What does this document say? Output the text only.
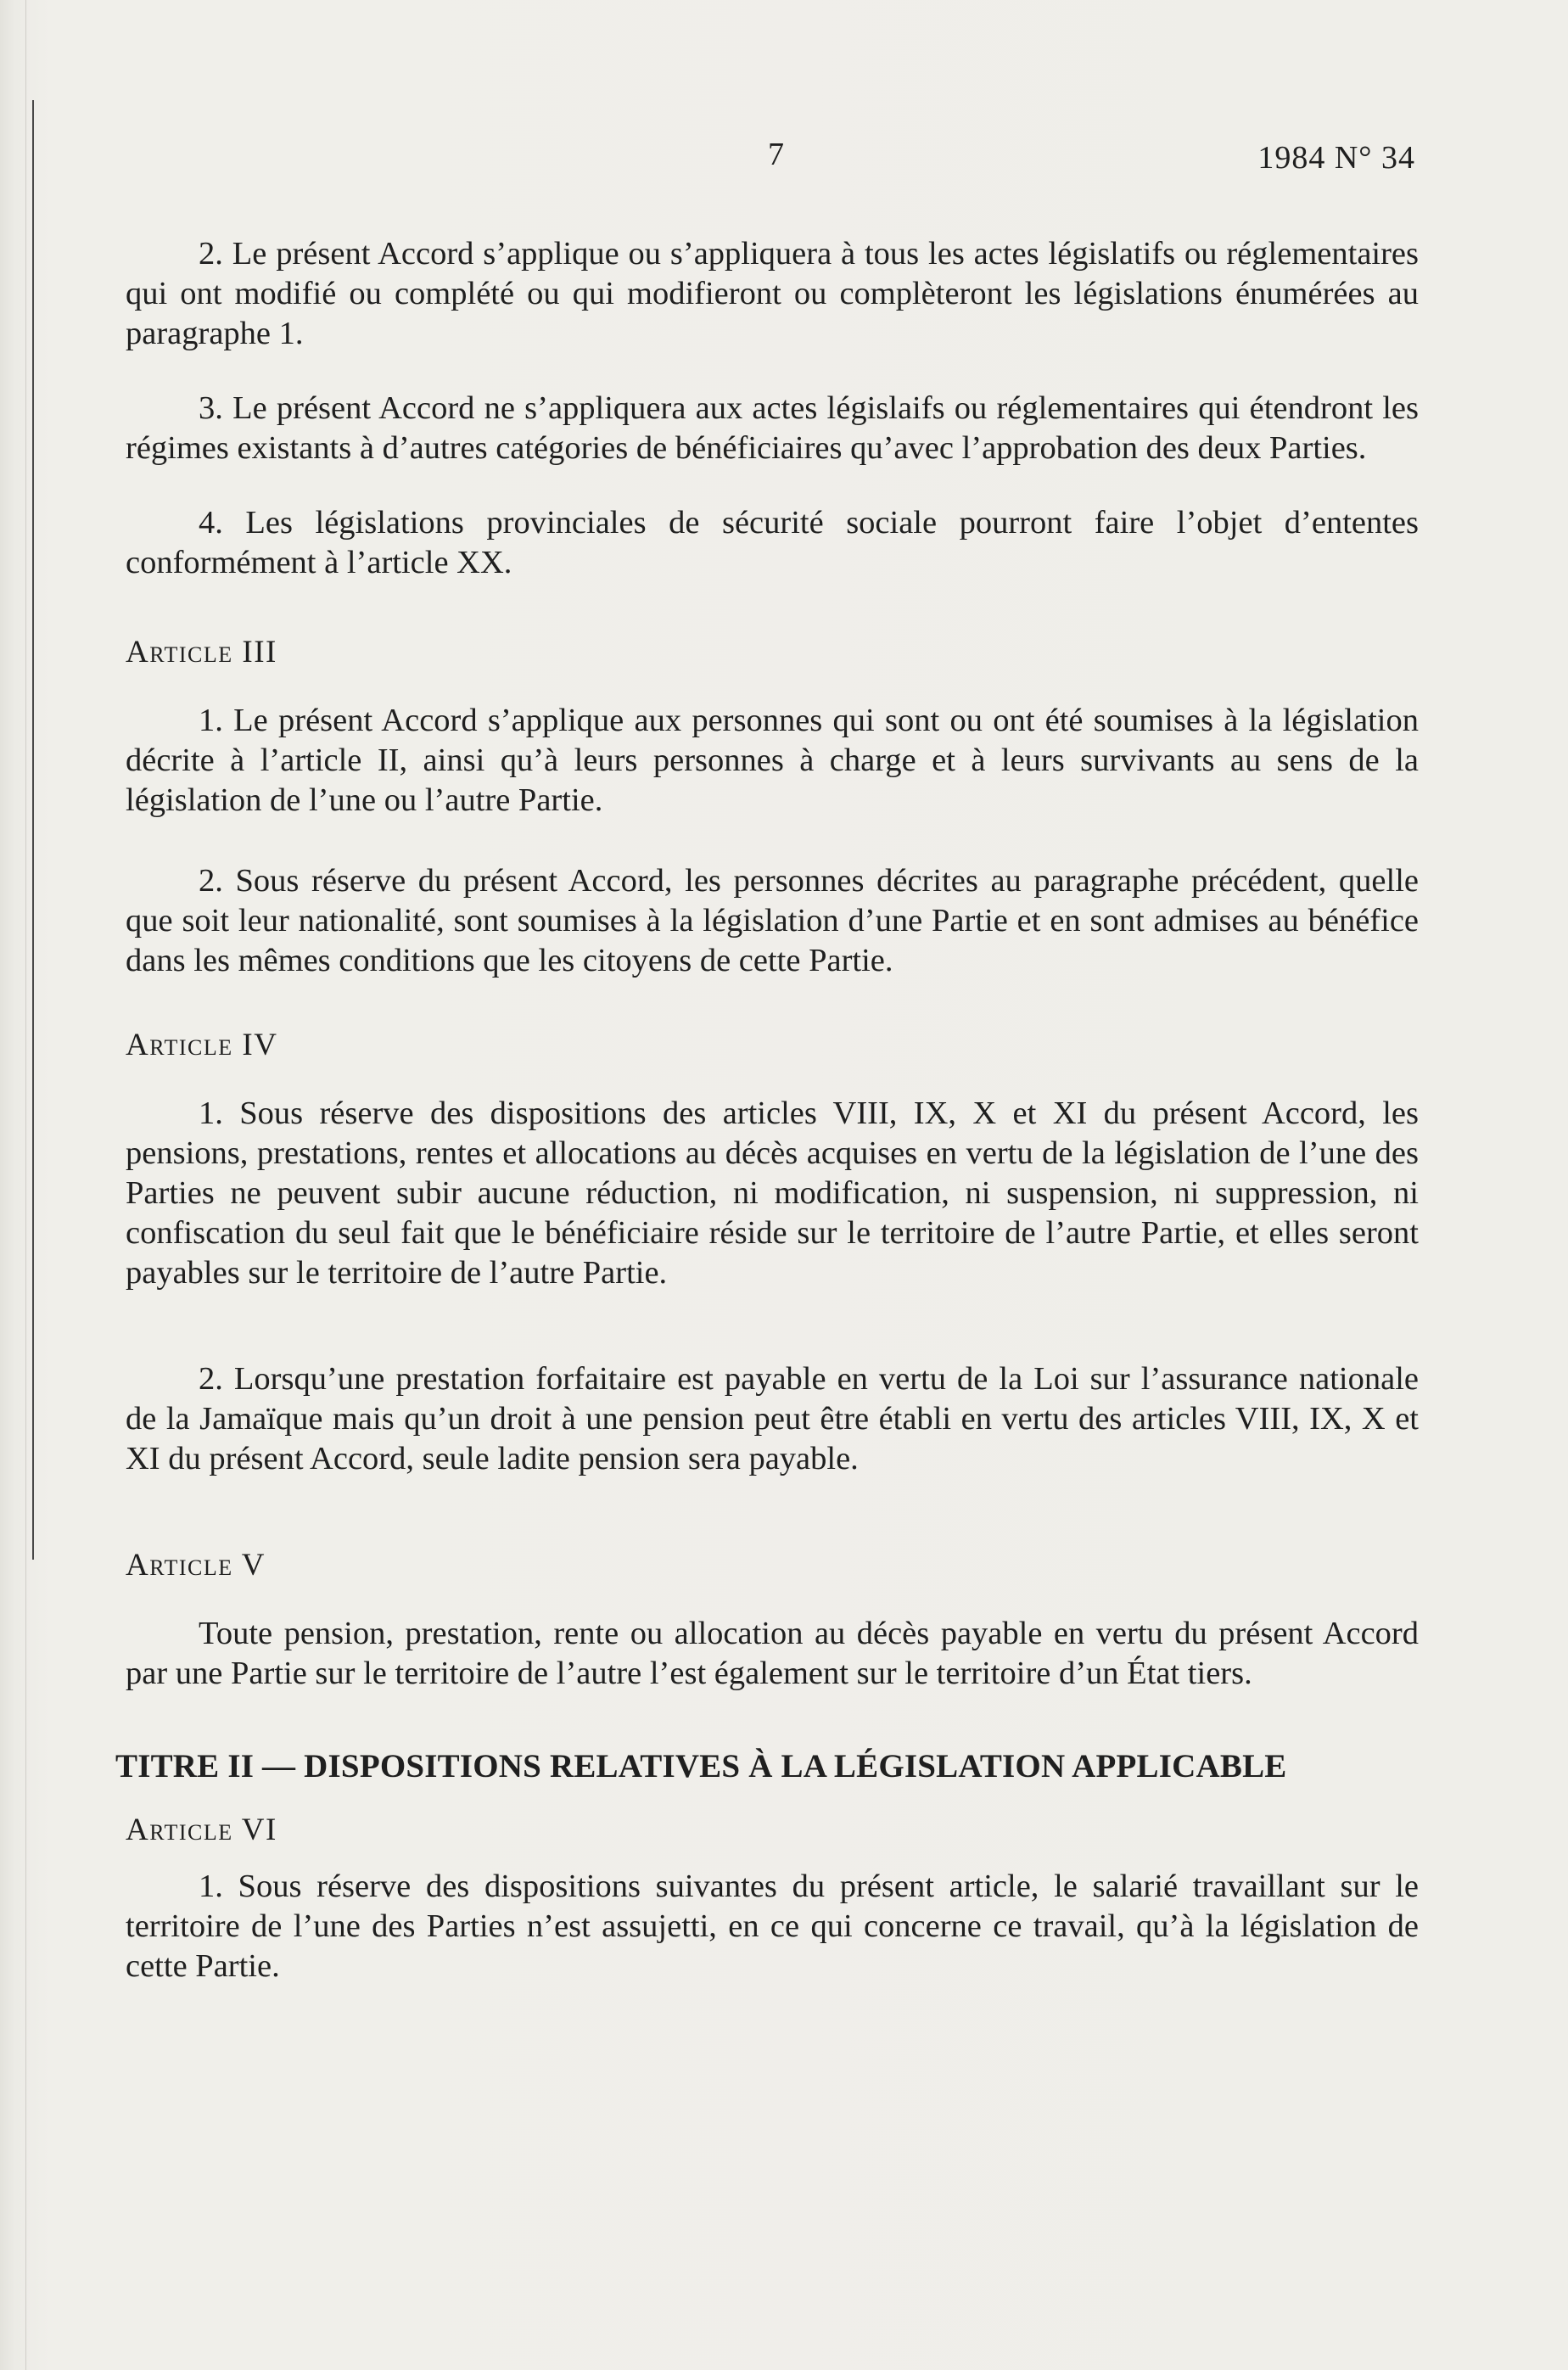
7	1984 N° 34

2. Le présent Accord s’applique ou s’appliquera à tous les actes législatifs ou réglementaires qui ont modifié ou complété ou qui modifieront ou complèteront les législations énumérées au paragraphe 1.

3. Le présent Accord ne s’appliquera aux actes législaifs ou réglementaires qui étendront les régimes existants à d’autres catégories de bénéficiaires qu’avec l’approbation des deux Parties.

4. Les législations provinciales de sécurité sociale pourront faire l’objet d’ententes conformément à l’article XX.

Article III

1. Le présent Accord s’applique aux personnes qui sont ou ont été soumises à la législation décrite à l’article II, ainsi qu’à leurs personnes à charge et à leurs survivants au sens de la législation de l’une ou l’autre Partie.

2. Sous réserve du présent Accord, les personnes décrites au paragraphe précédent, quelle que soit leur nationalité, sont soumises à la législation d’une Partie et en sont admises au bénéfice dans les mêmes conditions que les citoyens de cette Partie.

Article IV

1. Sous réserve des dispositions des articles VIII, IX, X et XI du présent Accord, les pensions, prestations, rentes et allocations au décès acquises en vertu de la législation de l’une des Parties ne peuvent subir aucune réduction, ni modification, ni suspension, ni suppression, ni confiscation du seul fait que le bénéficiaire réside sur le territoire de l’autre Partie, et elles seront payables sur le territoire de l’autre Partie.

2. Lorsqu’une prestation forfaitaire est payable en vertu de la Loi sur l’assurance nationale de la Jamaïque mais qu’un droit à une pension peut être établi en vertu des articles VIII, IX, X et XI du présent Accord, seule ladite pension sera payable.

Article V

Toute pension, prestation, rente ou allocation au décès payable en vertu du présent Accord par une Partie sur le territoire de l’autre l’est également sur le territoire d’un État tiers.

TITRE II — DISPOSITIONS RELATIVES À LA LÉGISLATION APPLICABLE

Article VI

1. Sous réserve des dispositions suivantes du présent article, le salarié travaillant sur le territoire de l’une des Parties n’est assujetti, en ce qui concerne ce travail, qu’à la législation de cette Partie.
